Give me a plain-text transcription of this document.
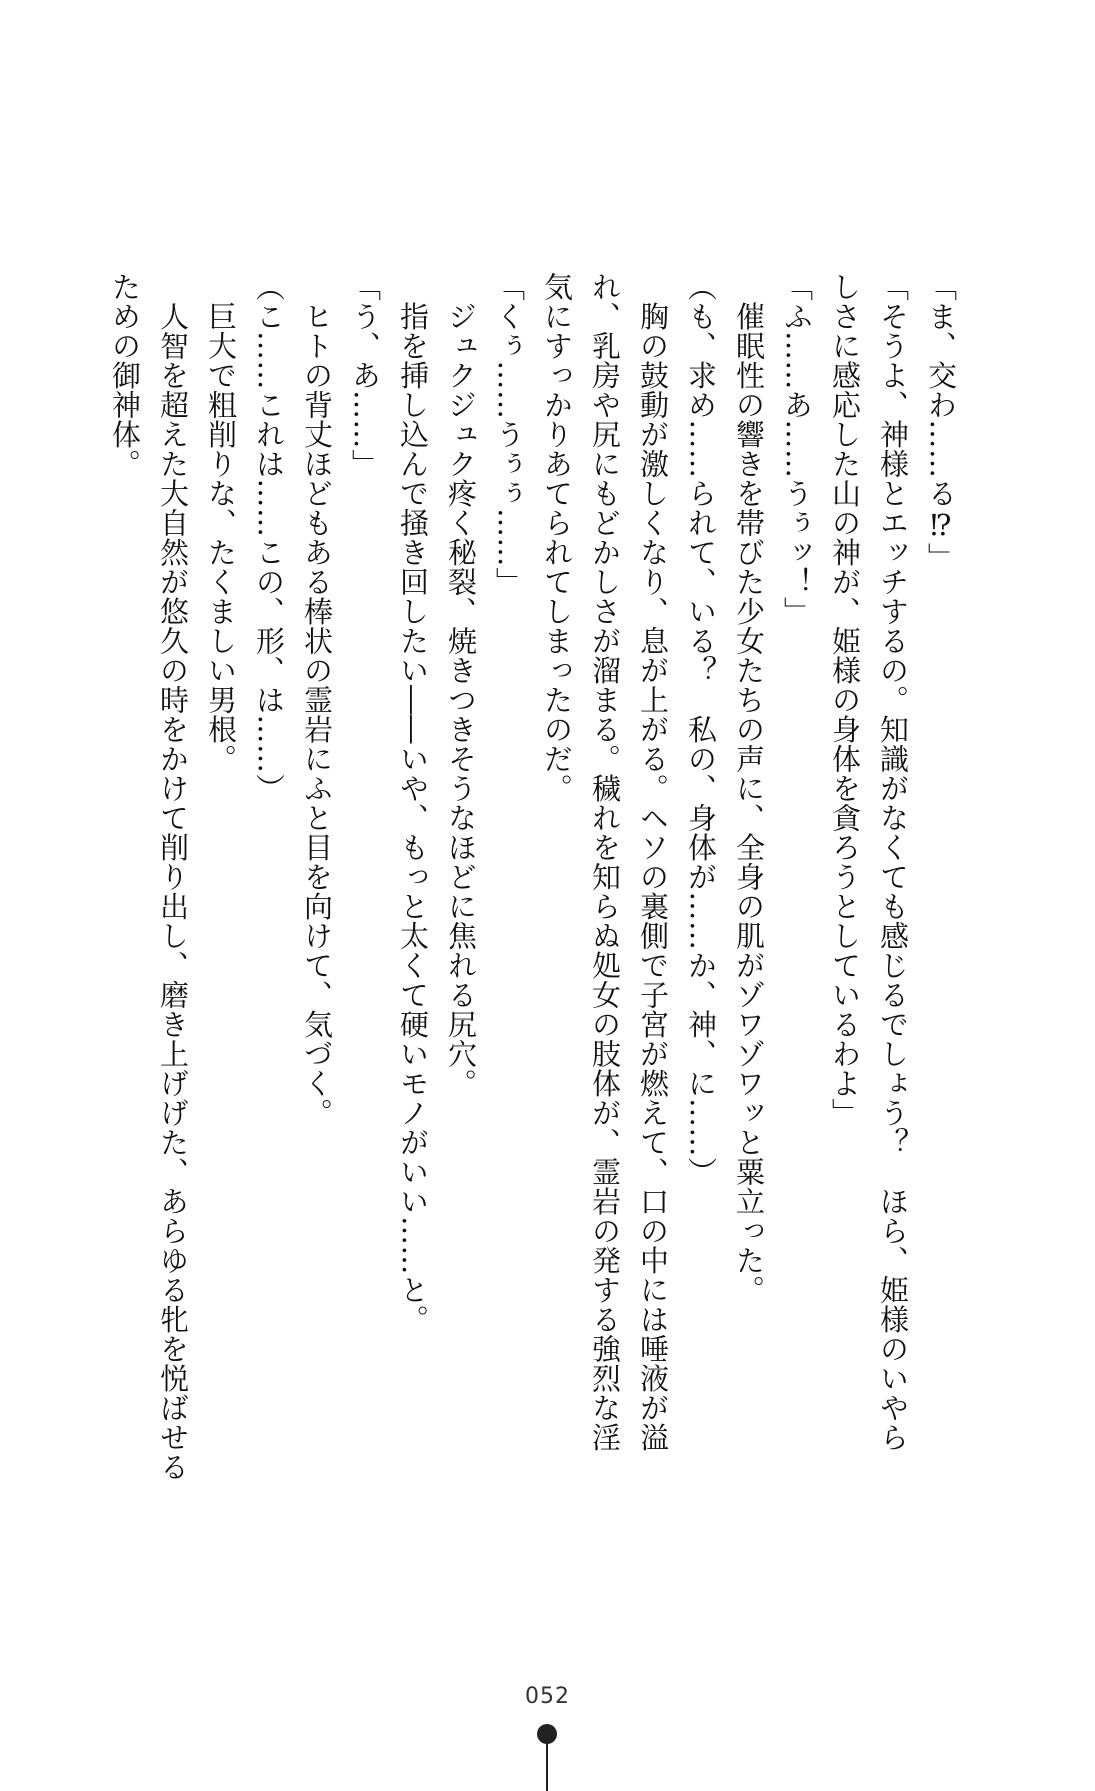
「ま、交わ……る⁉」

「そうよ、神様とエッチするの。知識がなくても感じるでしょう？　ほら、姫様のいやら

しさに感応した山の神が、姫様の身体を貪ろうとしているわよ」

「ふ……あ……うぅッ！」

　催眠性の響きを帯びた少女たちの声に、全身の肌がゾワゾワッと粟立った。

（も、求め……られて、いる？　私の、身体が……か、神、に……）

　胸の鼓動が激しくなり、息が上がる。ヘソの裏側で子宮が燃えて、口の中には唾液が溢

れ、乳房や尻にもどかしさが溜まる。穢れを知らぬ処女の肢体が、霊岩の発する強烈な淫

気にすっかりあてられてしまったのだ。

「くぅ……うぅぅ……」

　ジュクジュク疼く秘裂、焼きつきそうなほどに焦れる尻穴。

　指を挿し込んで掻き回したい――いや、もっと太くて硬いモノがいい……と。

「う、あ……」

　ヒトの背丈ほどもある棒状の霊岩にふと目を向けて、気づく。

（こ……これは……この、形、は……）

　巨大で粗削りな、たくましい男根。

　人智を超えた大自然が悠久の時をかけて削り出し、磨き上げげた、あらゆる牝を悦ばせる

ための御神体。

052
